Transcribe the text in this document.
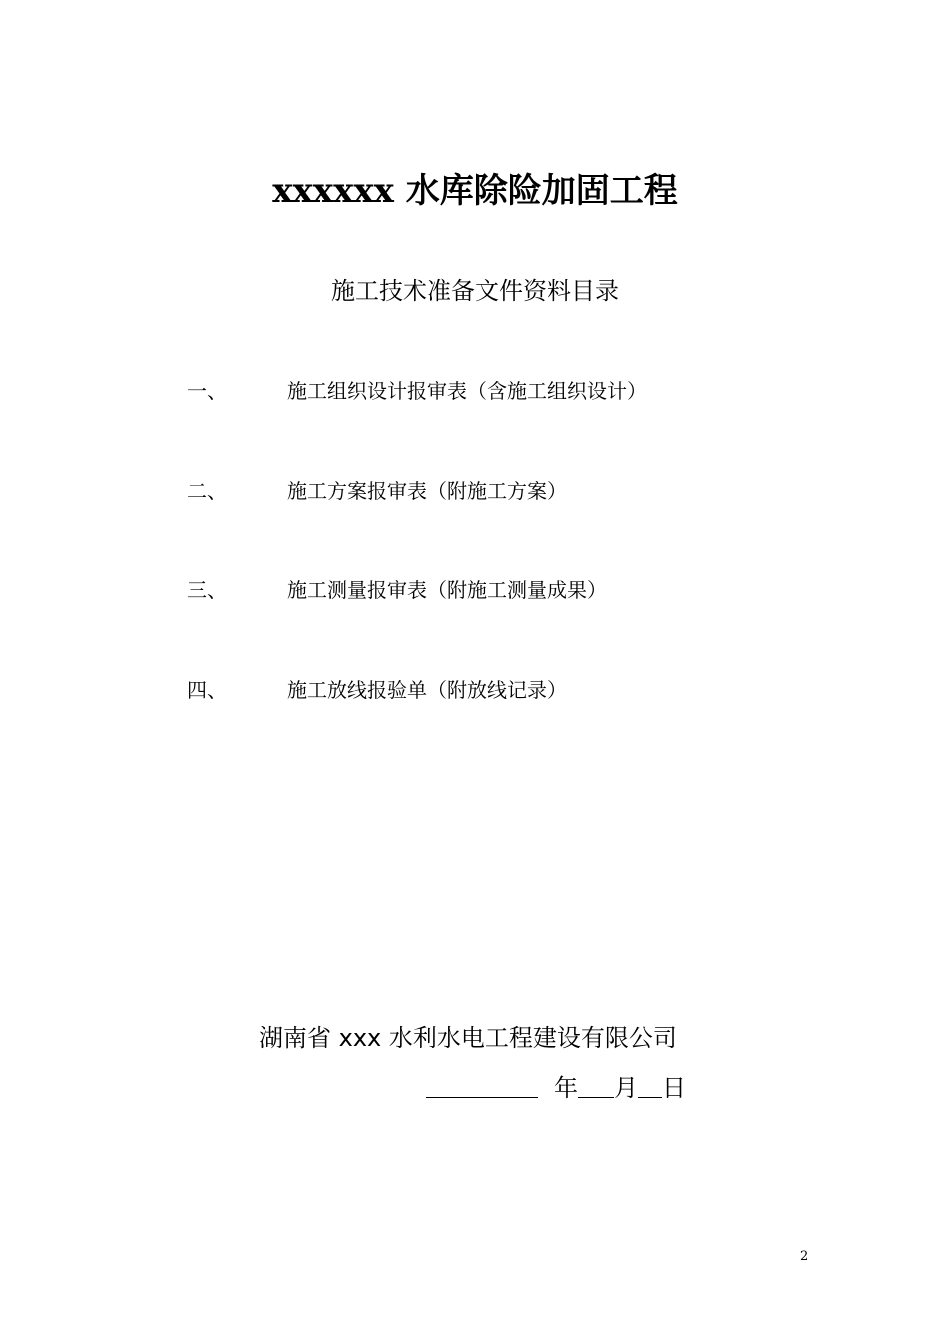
xxxxxx 水库除险加固工程
施工技术准备文件资料目录
一、	施工组织设计报审表（含施工组织设计）
二、	施工方案报审表（附施工方案）
三、	施工测量报审表（附施工测量成果）
四、	施工放线报验单（附放线记录）
湖南省 xxx 水利水电工程建设有限公司
年 月 日
2
